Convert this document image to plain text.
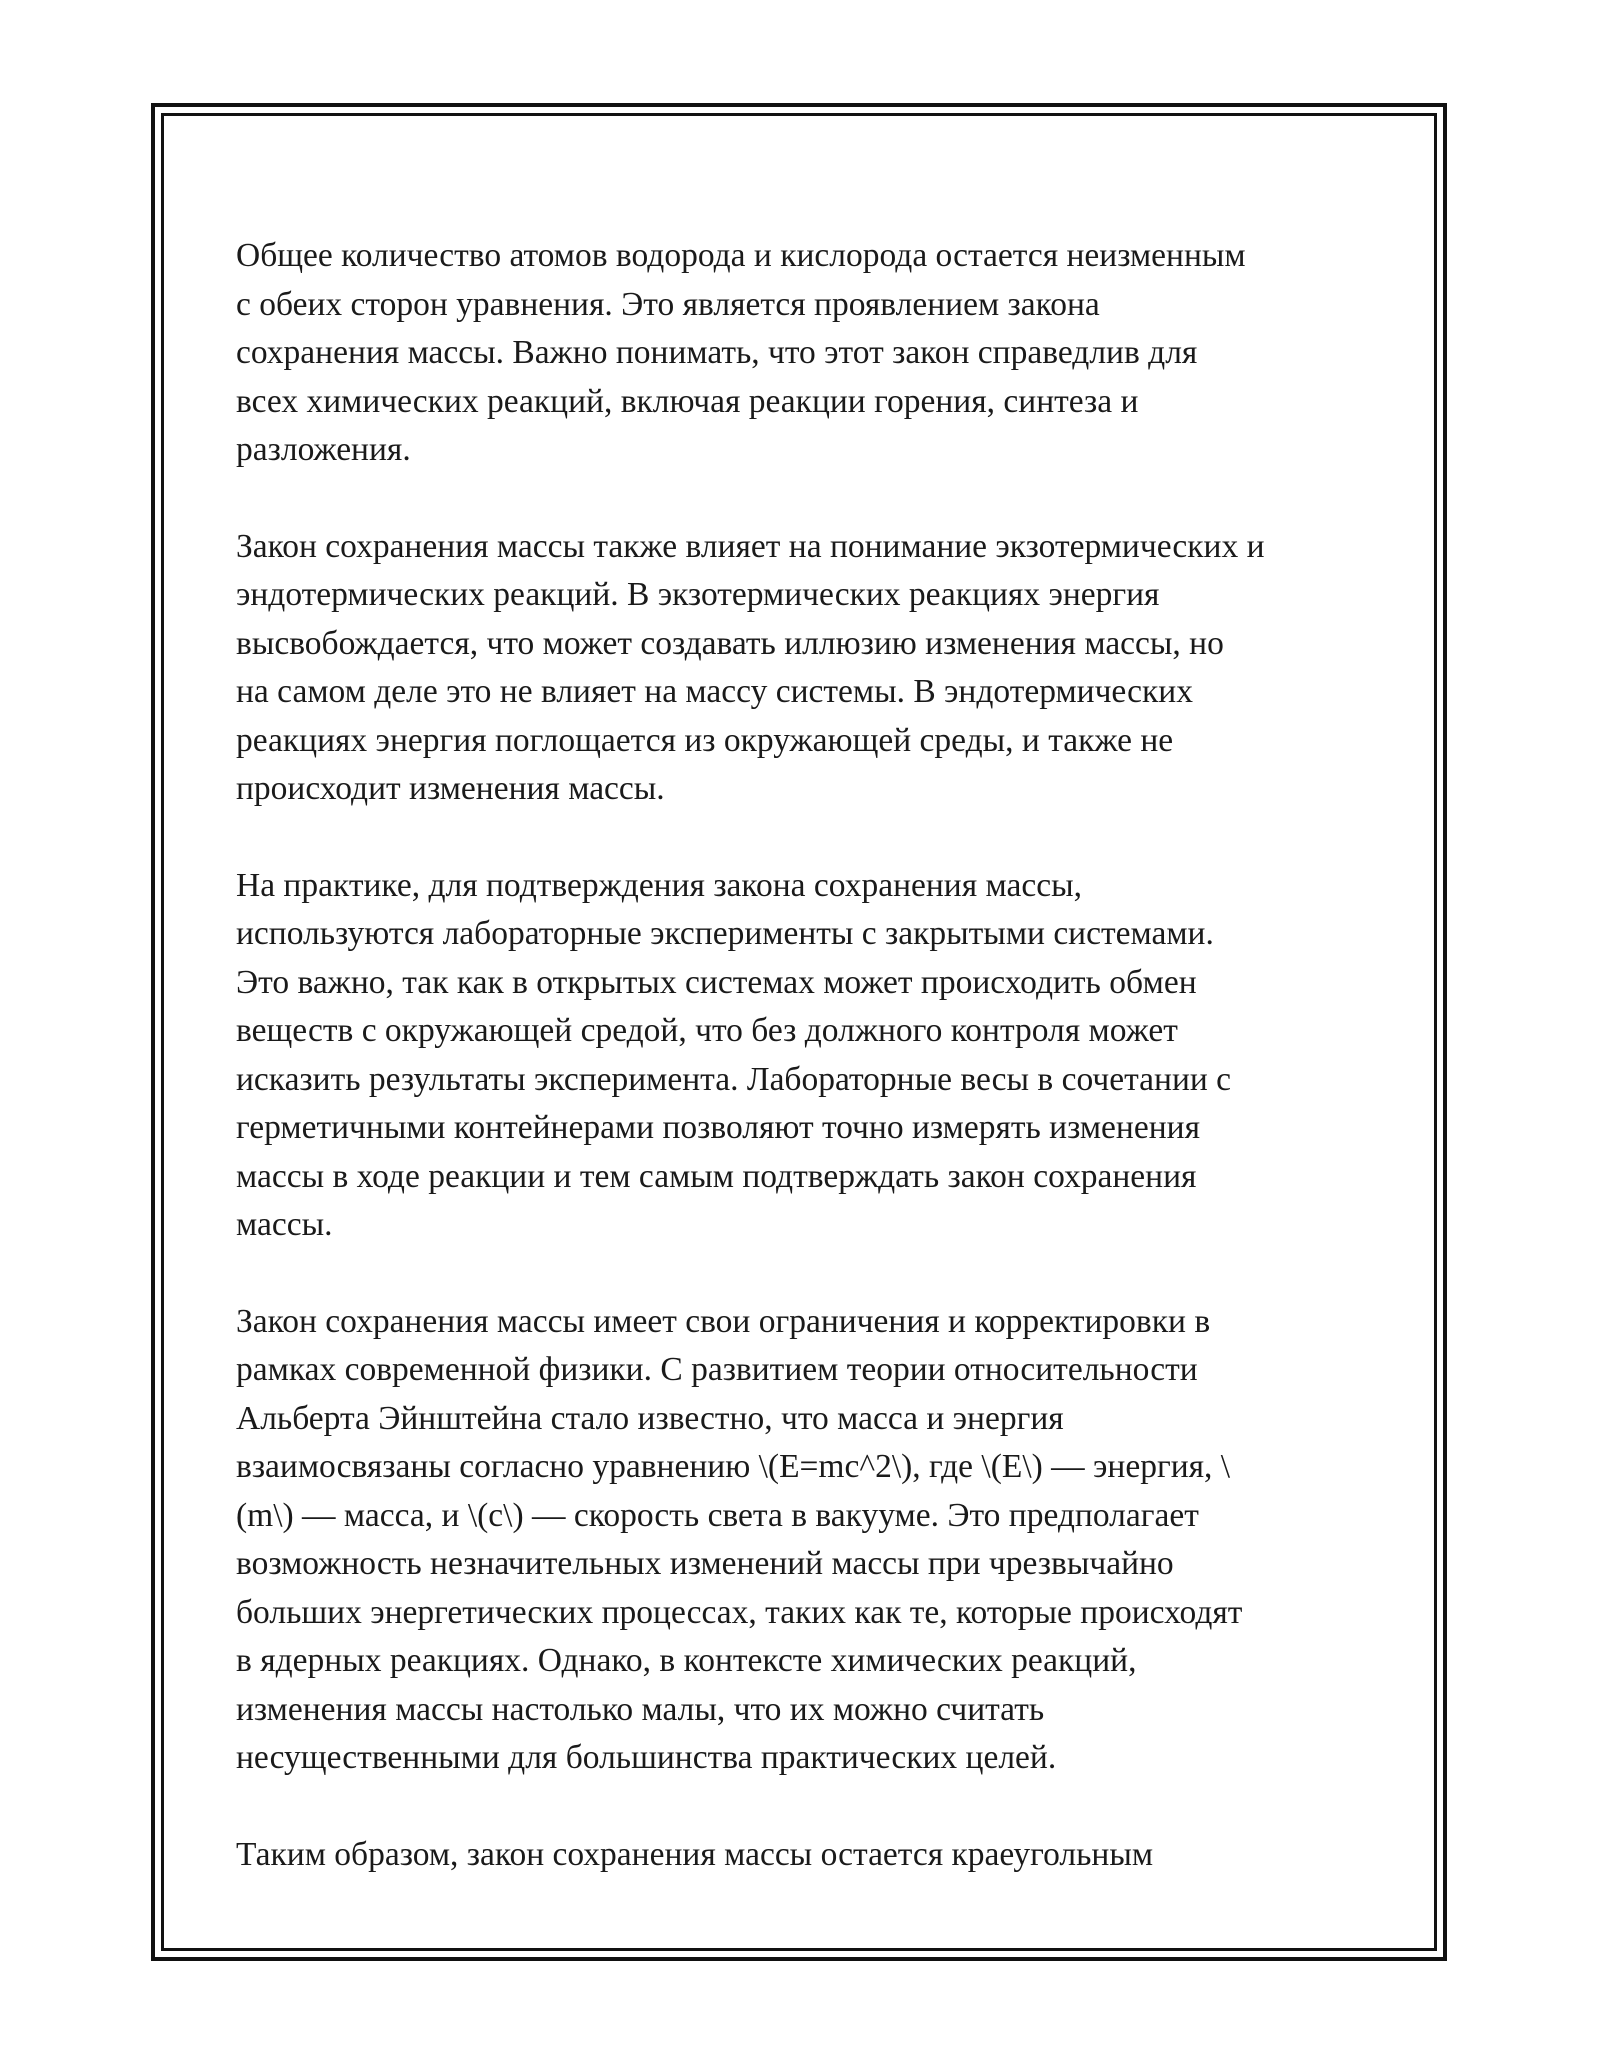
Общее количество атомов водорода и кислорода остается неизменным
с обеих сторон уравнения. Это является проявлением закона
сохранения массы. Важно понимать, что этот закон справедлив для
всех химических реакций, включая реакции горения, синтеза и
разложения.

Закон сохранения массы также влияет на понимание экзотермических и
эндотермических реакций. В экзотермических реакциях энергия
высвобождается, что может создавать иллюзию изменения массы, но
на самом деле это не влияет на массу системы. В эндотермических
реакциях энергия поглощается из окружающей среды, и также не
происходит изменения массы.

На практике, для подтверждения закона сохранения массы,
используются лабораторные эксперименты с закрытыми системами.
Это важно, так как в открытых системах может происходить обмен
веществ с окружающей средой, что без должного контроля может
исказить результаты эксперимента. Лабораторные весы в сочетании с
герметичными контейнерами позволяют точно измерять изменения
массы в ходе реакции и тем самым подтверждать закон сохранения
массы.

Закон сохранения массы имеет свои ограничения и корректировки в
рамках современной физики. С развитием теории относительности
Альберта Эйнштейна стало известно, что масса и энергия
взаимосвязаны согласно уравнению \(E=mc^2\), где \(E\) — энергия, \
(m\) — масса, и \(c\) — скорость света в вакууме. Это предполагает
возможность незначительных изменений массы при чрезвычайно
больших энергетических процессах, таких как те, которые происходят
в ядерных реакциях. Однако, в контексте химических реакций,
изменения массы настолько малы, что их можно считать
несущественными для большинства практических целей.

Таким образом, закон сохранения массы остается краеугольным
